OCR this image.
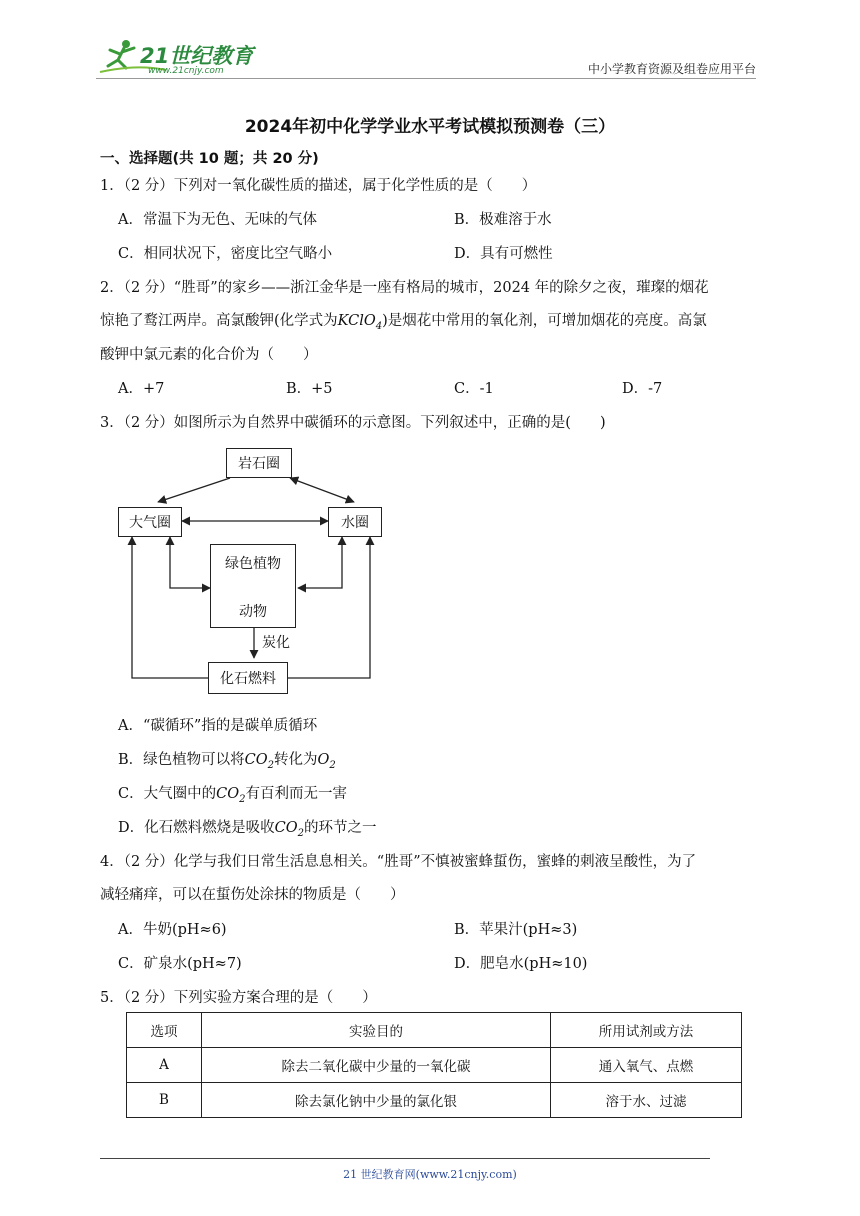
21世纪教育
www.21cnjy.com	中小学教育资源及组卷应用平台
2024年初中化学学业水平考试模拟预测卷（三）
一、选择题(共 10 题；共 20 分)
1．（2 分）下列对一氧化碳性质的描述，属于化学性质的是（　　）
A．常温下为无色、无味的气体	B．极难溶于水
C．相同状况下，密度比空气略小	D．具有可燃性
2．（2 分）“胜哥”的家乡——浙江金华是一座有格局的城市，2024 年的除夕之夜，璀璨的烟花
惊艳了鹜江两岸。高氯酸钾(化学式为KClO$_4$)是烟花中常用的氧化剂，可增加烟花的亮度。高氯
酸钾中氯元素的化合价为（　　）
A．+7	B．+5	C．-1	D．-7
3．（2 分）如图所示为自然界中碳循环的示意图。下列叙述中，正确的是(　　)
岩石圈
大气圈	水圈
绿色植物
动物
炭化
化石燃料
A．“碳循环”指的是碳单质循环
B．绿色植物可以将$CO_2$转化为$O_2$
C．大气圈中的$CO_2$有百利而无一害
D．化石燃料燃烧是吸收$CO_2$的环节之一
4．（2 分）化学与我们日常生活息息相关。“胜哥”不慎被蜜蜂蜇伤，蜜蜂的刺液呈酸性，为了
减轻痛痒，可以在蜇伤处涂抹的物质是（　　）
A．牛奶(pH≈6)	B．苹果汁(pH≈3)
C．矿泉水(pH≈7)	D．肥皂水(pH≈10)
5．（2 分）下列实验方案合理的是（　　）
选项	实验目的	所用试剂或方法
A	除去二氧化碳中少量的一氧化碳	通入氧气、点燃
B	除去氯化钠中少量的氯化银	溶于水、过滤
21 世纪教育网(www.21cnjy.com)
